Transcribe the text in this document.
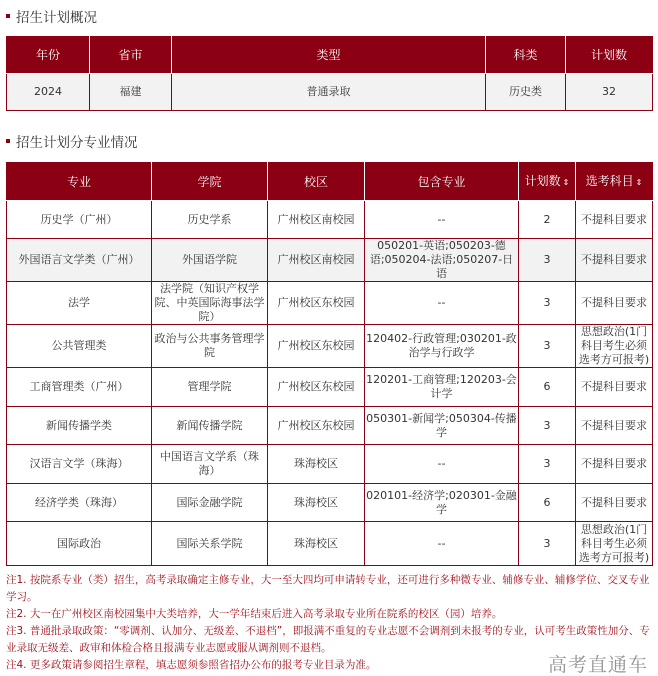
招生计划概况
年份	省市	类型	科类	计划数
2024	福建	普通录取	历史类	32
招生计划分专业情况
专业	学院	校区	包含专业	计划数 ⇕	选考科目 ⇕
历史学（广州）	历史学系	广州校区南校园	--	2	不提科目要求
外国语言文学类（广州）	外国语学院	广州校区南校园	050201-英语;050203-德语;050204-法语;050207-日语	3	不提科目要求
法学	法学院（知识产权学院、中英国际海事法学院）	广州校区东校园	--	3	不提科目要求
公共管理类	政治与公共事务管理学院	广州校区东校园	120402-行政管理;030201-政治学与行政学	3	思想政治(1门科目考生必须选考方可报考)
工商管理类（广州）	管理学院	广州校区东校园	120201-工商管理;120203-会计学	6	不提科目要求
新闻传播学类	新闻传播学院	广州校区东校园	050301-新闻学;050304-传播学	3	不提科目要求
汉语言文学（珠海）	中国语言文学系（珠海）	珠海校区	--	3	不提科目要求
经济学类（珠海）	国际金融学院	珠海校区	020101-经济学;020301-金融学	6	不提科目要求
国际政治	国际关系学院	珠海校区	--	3	思想政治(1门科目考生必须选考方可报考)
注1. 按院系专业（类）招生，高考录取确定主修专业，大一至大四均可申请转专业，还可进行多种微专业、辅修专业、辅修学位、交叉专业学习。
注2. 大一在广州校区南校园集中大类培养，大一学年结束后进入高考录取专业所在院系的校区（园）培养。
注3. 普通批录取政策：“零调剂、认加分、无级差、不退档”，即报满不重复的专业志愿不会调剂到未报考的专业，认可考生政策性加分、专业录取无级差、政审和体检合格且报满专业志愿或服从调剂则不退档。
注4. 更多政策请参阅招生章程，填志愿须参照省招办公布的报考专业目录为准。	高考直通车
